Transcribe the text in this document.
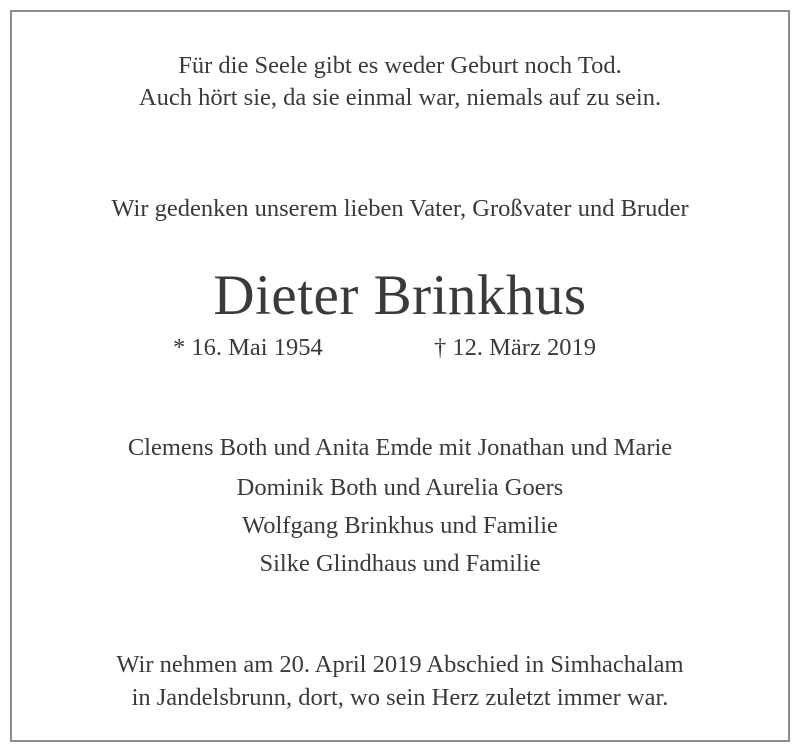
Für die Seele gibt es weder Geburt noch Tod.
Auch hört sie, da sie einmal war, niemals auf zu sein.
Wir gedenken unserem lieben Vater, Großvater und Bruder
Dieter Brinkhus
* 16. Mai 1954	† 12. März 2019
Clemens Both und Anita Emde mit Jonathan und Marie
Dominik Both und Aurelia Goers
Wolfgang Brinkhus und Familie
Silke Glindhaus und Familie
Wir nehmen am 20. April 2019 Abschied in Simhachalam
in Jandelsbrunn, dort, wo sein Herz zuletzt immer war.
